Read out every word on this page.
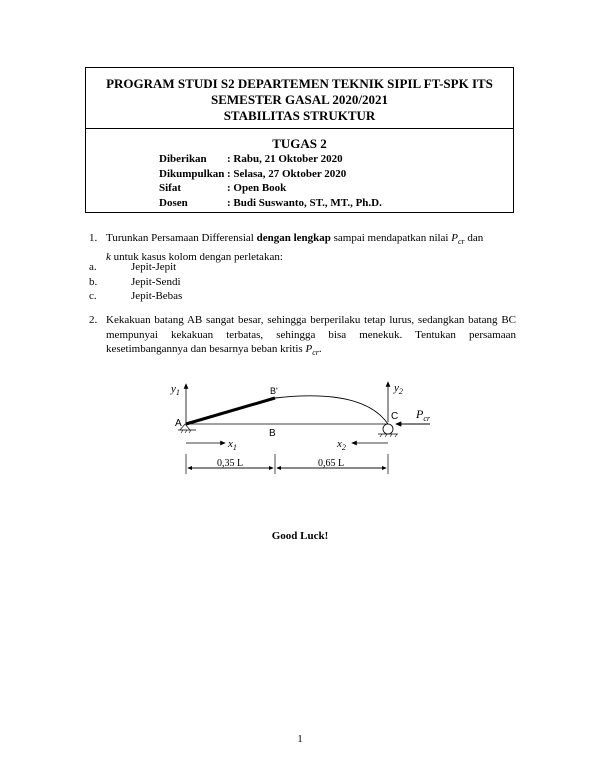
PROGRAM STUDI S2 DEPARTEMEN TEKNIK SIPIL FT-SPK ITS
SEMESTER GASAL 2020/2021
STABILITAS STRUKTUR
TUGAS 2
Diberikan	: Rabu, 21 Oktober 2020
Dikumpulkan : Selasa, 27 Oktober 2020
Sifat	: Open Book
Dosen	: Budi Suswanto, ST., MT., Ph.D.
1. Turunkan Persamaan Differensial dengan lengkap sampai mendapatkan nilai $P_{cr}$ dan
k untuk kasus kolom dengan perletakan:

a.	Jepit-Jepit
b.	Jepit-Sendi
c.	Jepit-Bebas
2. Kekakuan batang AB sangat besar, sehingga berperilaku tetap lurus, sedangkan batang BC mempunyai kekakuan terbatas, sehingga bisa menekuk. Tentukan persamaan kesetimbangannya dan besarnya beban kritis $P_{cr}$.

$y_1$	$y_2$
$P_{cr}$
A
B'
B
C
$x_1$	$x_2$
0,35 L	0,65 L
Good Luck!
1
